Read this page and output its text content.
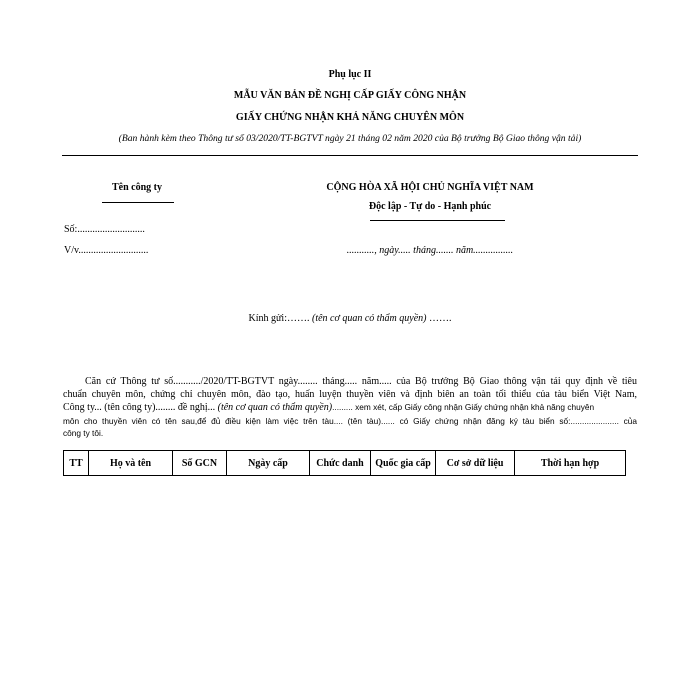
Phụ lục II
MẪU VĂN BẢN ĐỀ NGHỊ CẤP GIẤY CÔNG NHẬN
GIẤY CHỨNG NHẬN KHẢ NĂNG CHUYÊN MÔN
(Ban hành kèm theo Thông tư số 03/2020/TT-BGTVT ngày 21 tháng 02 năm 2020 của Bộ trưởng Bộ Giao thông vận tải)
Tên công ty
Số:...........................
V/v............................
CỘNG HÒA XÃ HỘI CHỦ NGHĨA VIỆT NAM
Độc lập - Tự do - Hạnh phúc
..........., ngày..... tháng....... năm................
Kính gửi:……. (tên cơ quan có thẩm quyền) …….
Căn cứ Thông tư số.........../2020/TT-BGTVT ngày........ tháng..... năm..... của Bộ trưởng Bộ Giao thông vận tải quy định về tiêu
chuẩn chuyên môn, chứng chỉ chuyên môn, đào tạo, huấn luyện thuyền viên và định biên an toàn tối thiểu của tàu biển Việt Nam,
Công ty... (tên công ty)........ đề nghị... (tên cơ quan có thẩm quyền)......... xem xét, cấp Giấy công nhận Giấy chứng nhận khả năng chuyên
môn cho thuyền viên có tên sau,để đủ điều kiện làm việc trên tàu.... (tên tàu)...... có Giấy chứng nhận đăng ký tàu biển số:..................... của
công ty tôi.
TT	Họ và tên	Số GCN	Ngày cấp	Chức danh	Quốc gia cấp	Cơ sở dữ liệu	Thời hạn hợp
